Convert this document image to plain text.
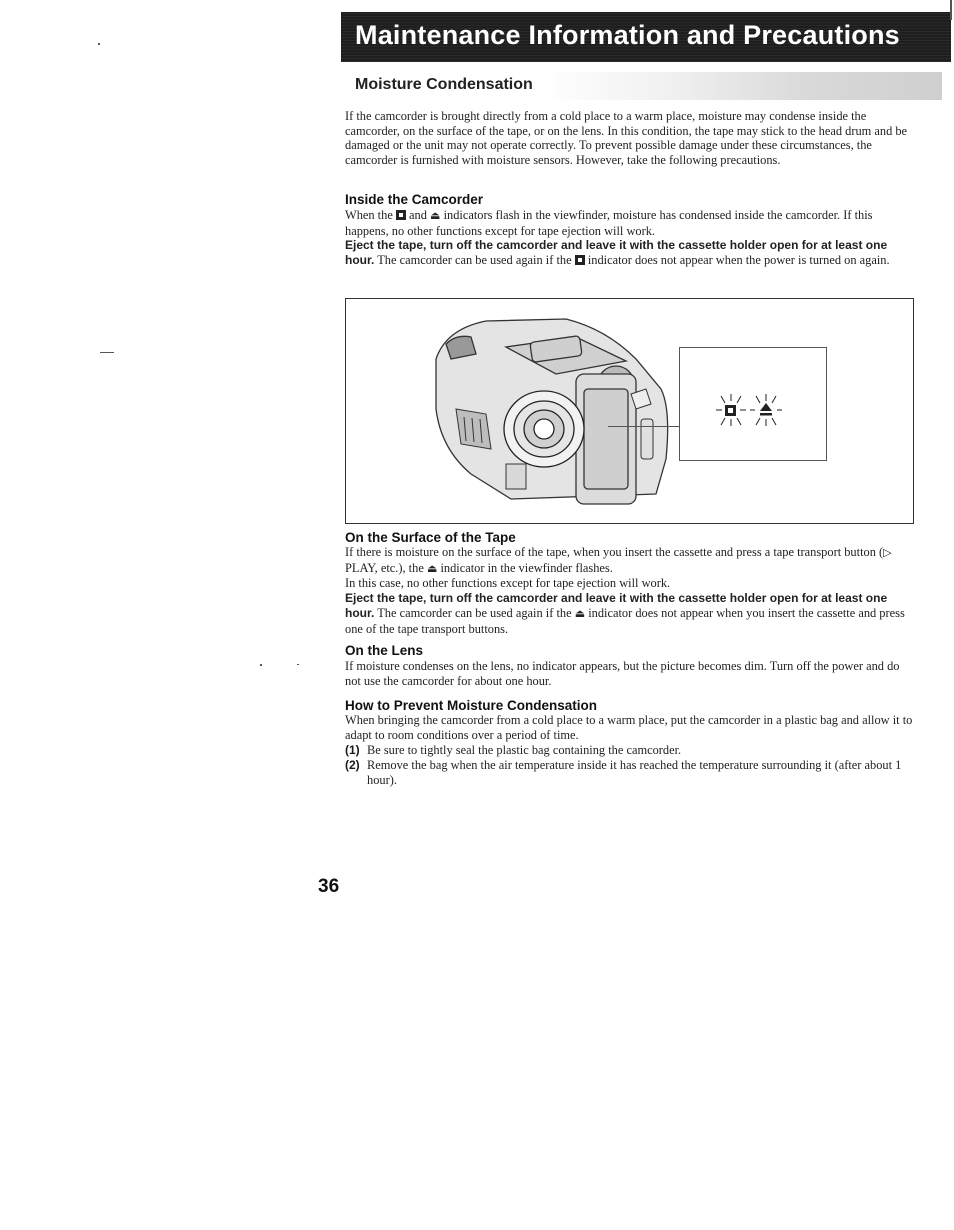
Maintenance Information and Precautions
Moisture Condensation
If the camcorder is brought directly from a cold place to a warm place, moisture may condense inside the camcorder, on the surface of the tape, or on the lens. In this condition, the tape may stick to the head drum and be damaged or the unit may not operate correctly. To prevent possible damage under these circumstances, the camcorder is furnished with moisture sensors. However, take the following precautions.
Inside the Camcorder
When the and ⏏ indicators flash in the viewfinder, moisture has condensed inside the camcorder. If this happens, no other functions except for tape ejection will work.
Eject the tape, turn off the camcorder and leave it with the cassette holder open for at least one hour. The camcorder can be used again if the indicator does not appear when the power is turned on again.
On the Surface of the Tape
If there is moisture on the surface of the tape, when you insert the cassette and press a tape transport button (▷ PLAY, etc.), the ⏏ indicator in the viewfinder flashes.
In this case, no other functions except for tape ejection will work.
Eject the tape, turn off the camcorder and leave it with the cassette holder open for at least one hour. The camcorder can be used again if the ⏏ indicator does not appear when you insert the cassette and press one of the tape transport buttons.
On the Lens
If moisture condenses on the lens, no indicator appears, but the picture becomes dim. Turn off the power and do not use the camcorder for about one hour.
How to Prevent Moisture Condensation
When bringing the camcorder from a cold place to a warm place, put the camcorder in a plastic bag and allow it to adapt to room conditions over a period of time.
(1) Be sure to tightly seal the plastic bag containing the camcorder.
(2) Remove the bag when the air temperature inside it has reached the temperature surrounding it (after about 1 hour).
36
